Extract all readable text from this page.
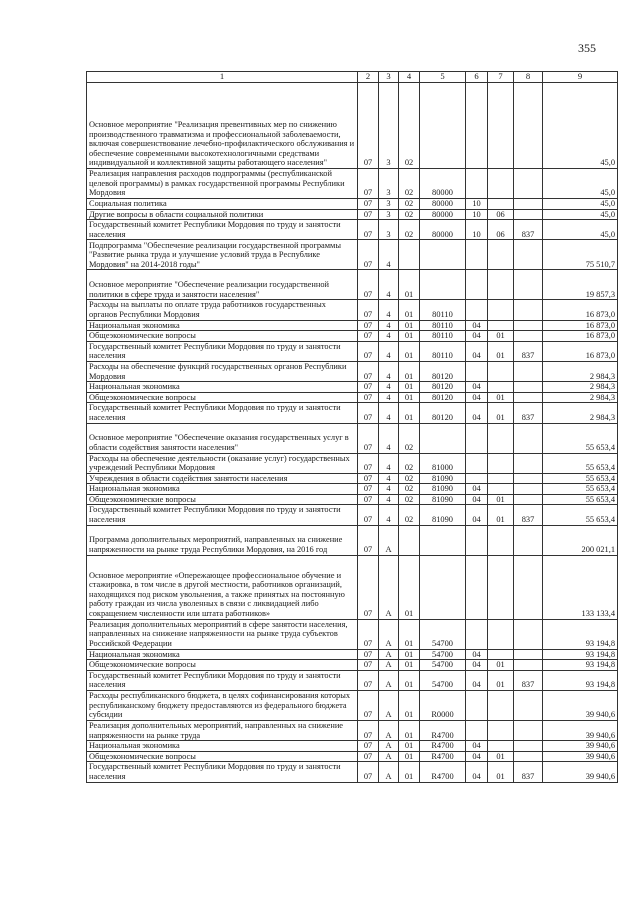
355
1	2	3	4	5	6	7	8	9
Основное мероприятие "Реализация превентивных мер по снижению производственного травматизма и профессиональной заболеваемости, включая совершенствование лечебно-профилактического обслуживания и обеспечение современными высокотехнологичными средствами индивидуальной и коллективной защиты работающего населения"	07	3	02					45,0
Реализация направления расходов подпрограммы (республиканской целевой программы) в рамках государственной программы Республики Мордовия	07	3	02	80000				45,0
Социальная политика	07	3	02	80000	10			45,0
Другие вопросы в области социальной политики	07	3	02	80000	10	06		45,0
Государственный комитет Республики Мордовия по труду и занятости населения	07	3	02	80000	10	06	837	45,0
Подпрограмма "Обеспечение реализации государственной программы "Развитие рынка труда и улучшение условий труда в Республике Мордовия" на 2014-2018 годы"	07	4						75 510,7
Основное мероприятие "Обеспечение реализации государственной политики в сфере труда и занятости населения"	07	4	01					19 857,3
Расходы на выплаты по оплате труда работников государственных органов Республики Мордовия	07	4	01	80110				16 873,0
Национальная экономика	07	4	01	80110	04			16 873,0
Общеэкономические вопросы	07	4	01	80110	04	01		16 873,0
Государственный комитет Республики Мордовия по труду и занятости населения	07	4	01	80110	04	01	837	16 873,0
Расходы на обеспечение функций государственных органов Республики Мордовия	07	4	01	80120				2 984,3
Национальная экономика	07	4	01	80120	04			2 984,3
Общеэкономические вопросы	07	4	01	80120	04	01		2 984,3
Государственный комитет Республики Мордовия по труду и занятости населения	07	4	01	80120	04	01	837	2 984,3
Основное мероприятие "Обеспечение оказания государственных услуг в области содействия занятости населения"	07	4	02					55 653,4
Расходы на обеспечение деятельности (оказание услуг) государственных учреждений Республики Мордовия	07	4	02	81000				55 653,4
Учреждения в области содействия занятости населения	07	4	02	81090				55 653,4
Национальная экономика	07	4	02	81090	04			55 653,4
Общеэкономические вопросы	07	4	02	81090	04	01		55 653,4
Государственный комитет Республики Мордовия по труду и занятости населения	07	4	02	81090	04	01	837	55 653,4
Программа дополнительных мероприятий, направленных на снижение напряженности на рынке труда Республики Мордовия, на 2016 год	07	А						200 021,1
Основное мероприятие «Опережающее профессиональное обучение и стажировка, в том числе в другой местности, работников организаций, находящихся под риском увольнения, а также принятых на постоянную работу граждан из числа уволенных в связи с ликвидацией либо сокращением численности или штата работников»	07	А	01					133 133,4
Реализация дополнительных мероприятий в сфере занятости населения, направленных на снижение напряженности на рынке труда субъектов Российской Федерации	07	А	01	54700				93 194,8
Национальная экономика	07	А	01	54700	04			93 194,8
Общеэкономические вопросы	07	А	01	54700	04	01		93 194,8
Государственный комитет Республики Мордовия по труду и занятости населения	07	А	01	54700	04	01	837	93 194,8
Расходы республиканского бюджета, в целях софинансирования которых республиканскому бюджету предоставляются из федерального бюджета субсидии	07	А	01	R0000				39 940,6
Реализация дополнительных мероприятий, направленных на снижение напряженности на рынке труда	07	А	01	R4700				39 940,6
Национальная экономика	07	А	01	R4700	04			39 940,6
Общеэкономические вопросы	07	А	01	R4700	04	01		39 940,6
Государственный комитет Республики Мордовия по труду и занятости населения	07	А	01	R4700	04	01	837	39 940,6
